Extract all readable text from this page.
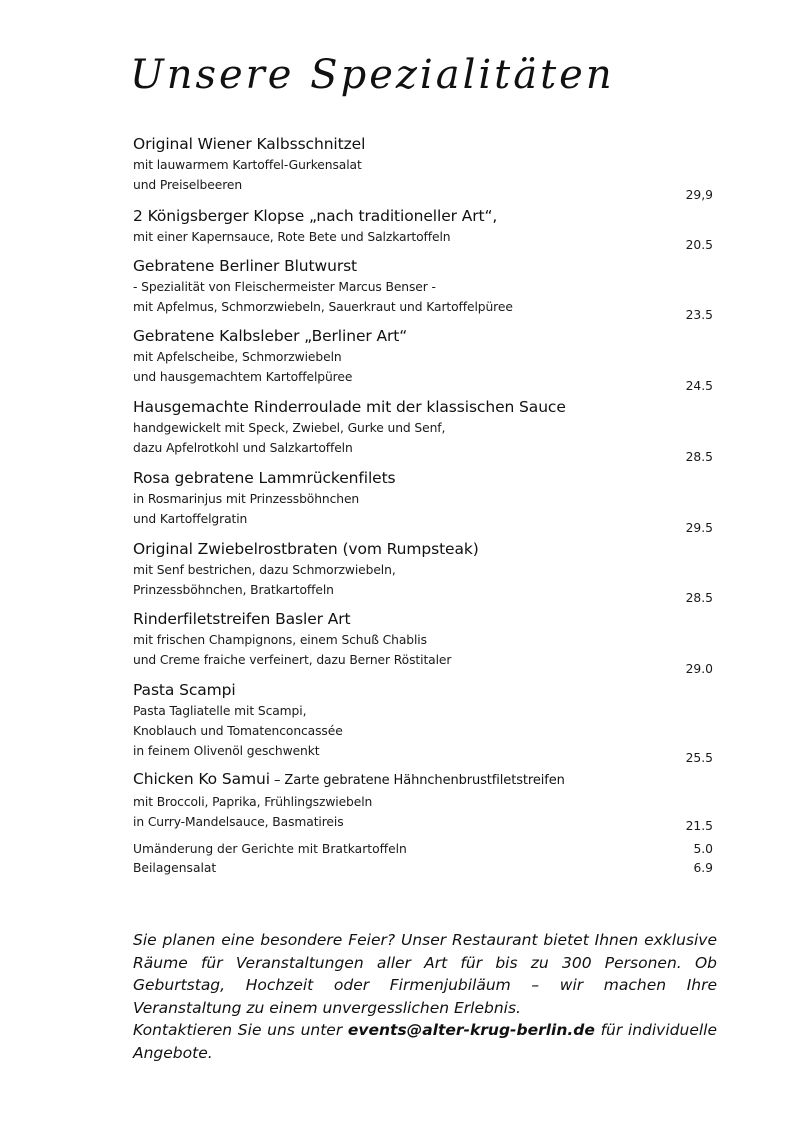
Unsere Spezialitäten
Original Wiener Kalbsschnitzel
mit lauwarmem Kartoffel-Gurkensalat
und Preiselbeeren
29,9
2 Königsberger Klopse „nach traditioneller Art“,
mit einer Kapernsauce, Rote Bete und Salzkartoffeln
20.5
Gebratene Berliner Blutwurst
- Spezialität von Fleischermeister Marcus Benser -
mit Apfelmus, Schmorzwiebeln, Sauerkraut und Kartoffelpüree
23.5
Gebratene Kalbsleber „Berliner Art“
mit Apfelscheibe, Schmorzwiebeln
und hausgemachtem Kartoffelpüree
24.5
Hausgemachte Rinderroulade mit der klassischen Sauce
handgewickelt mit Speck, Zwiebel, Gurke und Senf,
dazu Apfelrotkohl und Salzkartoffeln
28.5
Rosa gebratene Lammrückenfilets
in Rosmarinjus mit Prinzessböhnchen
und Kartoffelgratin
29.5
Original Zwiebelrostbraten (vom Rumpsteak)
mit Senf bestrichen, dazu Schmorzwiebeln,
Prinzessböhnchen, Bratkartoffeln
28.5
Rinderfiletstreifen Basler Art
mit frischen Champignons, einem Schuß Chablis
und Creme fraiche verfeinert, dazu Berner Röstitaler
29.0
Pasta Scampi
Pasta Tagliatelle mit Scampi,
Knoblauch und Tomatenconcassée
in feinem Olivenöl geschwenkt	25.5
Chicken Ko Samui – Zarte gebratene Hähnchenbrustfiletstreifen
mit Broccoli, Paprika, Frühlingszwiebeln
in Curry-Mandelsauce, Basmatireis	21.5
Umänderung der Gerichte mit Bratkartoffeln	5.0
Beilagensalat	6.9

Sie planen eine besondere Feier? Unser Restaurant bietet Ihnen exklusive Räume für Veranstaltungen aller Art für bis zu 300 Personen. Ob Geburtstag, Hochzeit oder Firmenjubiläum – wir machen Ihre Veranstaltung zu einem unvergesslichen Erlebnis.
Kontaktieren Sie uns unter events@alter-krug-berlin.de für individuelle Angebote.
